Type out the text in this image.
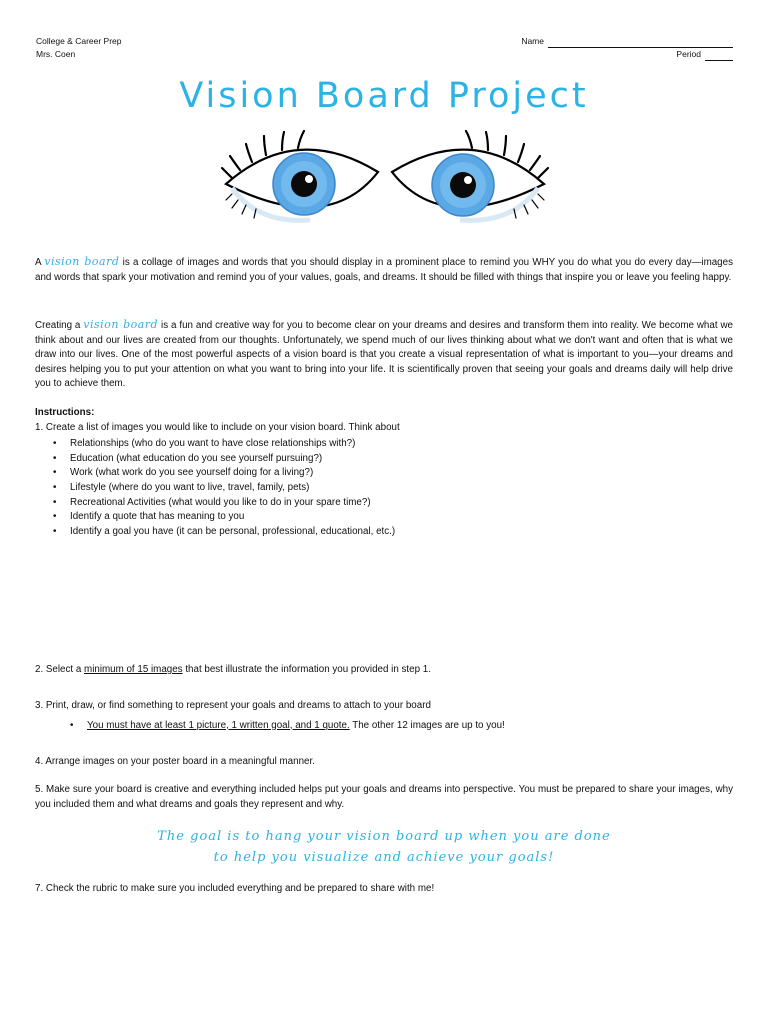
College & Career Prep
Mrs. Coen
Name
Period
Vision Board Project

A vision board is a collage of images and words that you should display in a prominent place to remind you WHY you do what you do every day—images and words that spark your motivation and remind you of your values, goals, and dreams. It should be filled with things that inspire you or leave you feeling happy.

Creating a vision board is a fun and creative way for you to become clear on your dreams and desires and transform them into reality. We become what we think about and our lives are created from our thoughts. Unfortunately, we spend much of our lives thinking about what we don't want and often that is what we draw into our lives. One of the most powerful aspects of a vision board is that you create a visual representation of what is important to you—your dreams and desires helping you to put your attention on what you want to bring into your life. It is scientifically proven that seeing your goals and dreams daily will help drive you to achieve them.

Instructions:
1. Create a list of images you would like to include on your vision board. Think about
• Relationships (who do you want to have close relationships with?)
• Education (what education do you see yourself pursuing?)
• Work (what work do you see yourself doing for a living?)
• Lifestyle (where do you want to live, travel, family, pets)
• Recreational Activities (what would you like to do in your spare time?)
• Identify a quote that has meaning to you
• Identify a goal you have (it can be personal, professional, educational, etc.)
2. Select a minimum of 15 images that best illustrate the information you provided in step 1.
3. Print, draw, or find something to represent your goals and dreams to attach to your board
• You must have at least 1 picture, 1 written goal, and 1 quote. The other 12 images are up to you!
4. Arrange images on your poster board in a meaningful manner.

5. Make sure your board is creative and everything included helps put your goals and dreams into perspective. You must be prepared to share your images, why you included them and what dreams and goals they represent and why.

The goal is to hang your vision board up when you are done
to help you visualize and achieve your goals!
7. Check the rubric to make sure you included everything and be prepared to share with me!
